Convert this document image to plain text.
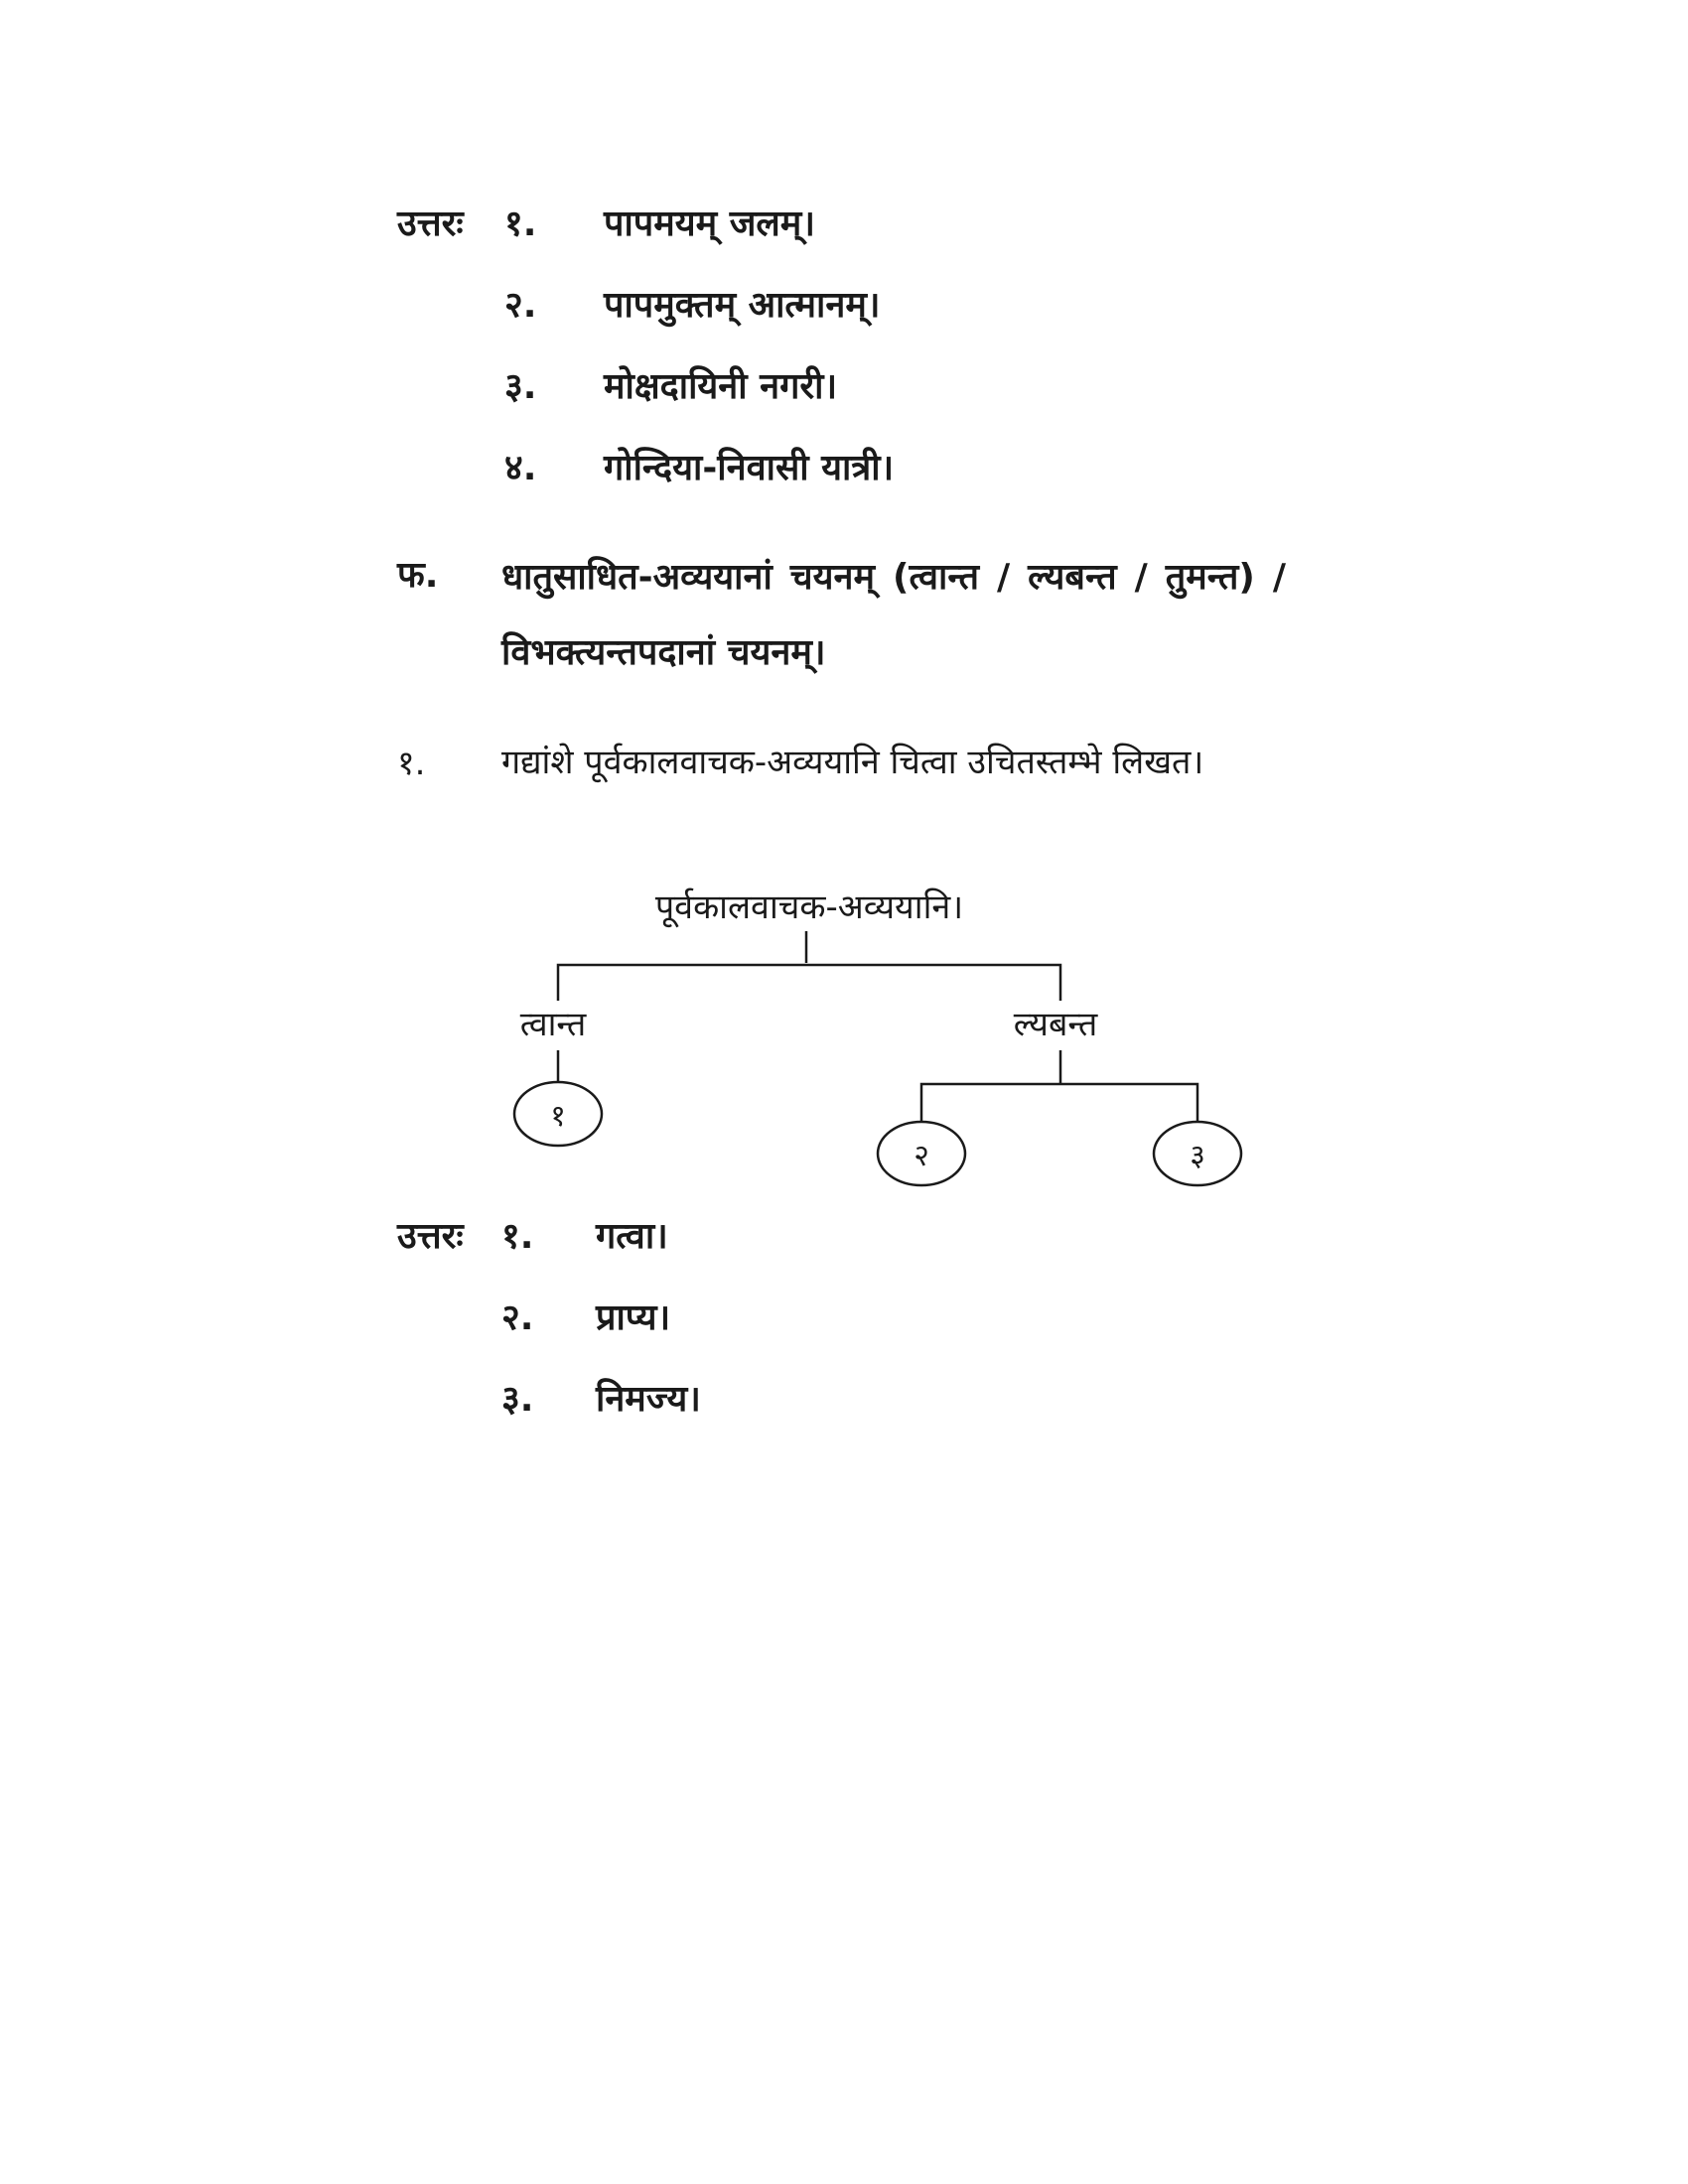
उत्तरः १. पापमयम् जलम्।
२. पापमुक्तम् आत्मानम्।
३. मोक्षदायिनी नगरी।
४. गोन्दिया-निवासी यात्री।
फ. धातुसाधित-अव्ययानां चयनम् (त्वान्त / ल्यबन्त / तुमन्त) / विभक्त्यन्तपदानां चयनम्।
१. गद्यांशे पूर्वकालवाचक-अव्ययानि चित्वा उचितस्तम्भे लिखत।
पूर्वकालवाचक-अव्ययानि।
त्वान्त
१
ल्यबन्त
२	३
उत्तरः १. गत्वा।
२. प्राप्य।
३. निमज्य।
